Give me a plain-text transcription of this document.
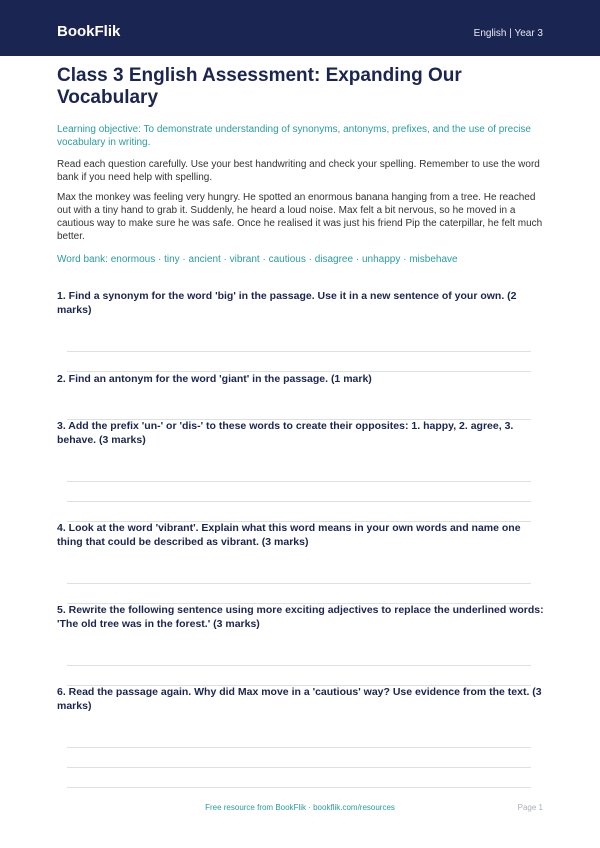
BookFlik	English | Year 3
Class 3 English Assessment: Expanding Our Vocabulary
Learning objective: To demonstrate understanding of synonyms, antonyms, prefixes, and the use of precise vocabulary in writing.

Read each question carefully. Use your best handwriting and check your spelling. Remember to use the word bank if you need help with spelling.

Max the monkey was feeling very hungry. He spotted an enormous banana hanging from a tree. He reached out with a tiny hand to grab it. Suddenly, he heard a loud noise. Max felt a bit nervous, so he moved in a cautious way to make sure he was safe. Once he realised it was just his friend Pip the caterpillar, he felt much better.

Word bank: enormous · tiny · ancient · vibrant · cautious · disagree · unhappy · misbehave
1. Find a synonym for the word 'big' in the passage. Use it in a new sentence of your own. (2 marks)
2. Find an antonym for the word 'giant' in the passage. (1 mark)
3. Add the prefix 'un-' or 'dis-' to these words to create their opposites: 1. happy, 2. agree, 3. behave. (3 marks)
4. Look at the word 'vibrant'. Explain what this word means in your own words and name one thing that could be described as vibrant. (3 marks)
5. Rewrite the following sentence using more exciting adjectives to replace the underlined words: 'The old tree was in the forest.' (3 marks)
6. Read the passage again. Why did Max move in a 'cautious' way? Use evidence from the text. (3 marks)
Free resource from BookFlik · bookflik.com/resources	Page 1
